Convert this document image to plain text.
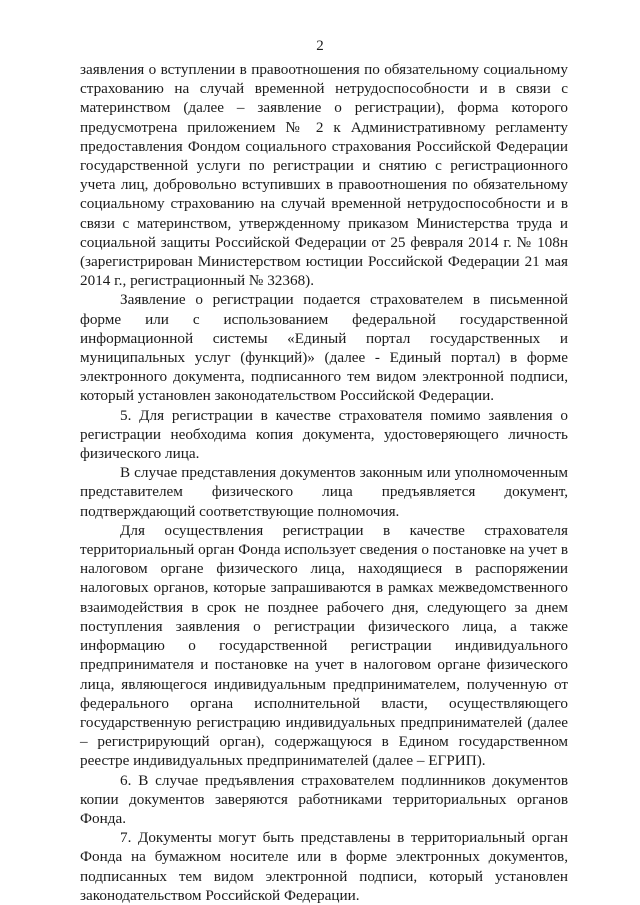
2

заявления о вступлении в правоотношения по обязательному социальному страхованию на случай временной нетрудоспособности и в связи с материнством (далее – заявление о регистрации), форма которого предусмотрена приложением № 2 к Административному регламенту предоставления Фондом социального страхования Российской Федерации государственной услуги по регистрации и снятию с регистрационного учета лиц, добровольно вступивших в правоотношения по обязательному социальному страхованию на случай временной нетрудоспособности и в связи с материнством, утвержденному приказом Министерства труда и социальной защиты Российской Федерации от 25 февраля 2014 г. № 108н (зарегистрирован Министерством юстиции Российской Федерации 21 мая 2014 г., регистрационный № 32368).

Заявление о регистрации подается страхователем в письменной форме или с использованием федеральной государственной информационной системы «Единый портал государственных и муниципальных услуг (функций)» (далее - Единый портал) в форме электронного документа, подписанного тем видом электронной подписи, который установлен законодательством Российской Федерации.

5. Для регистрации в качестве страхователя помимо заявления о регистрации необходима копия документа, удостоверяющего личность физического лица.

В случае представления документов законным или уполномоченным представителем физического лица предъявляется документ, подтверждающий соответствующие полномочия.

Для осуществления регистрации в качестве страхователя территориальный орган Фонда использует сведения о постановке на учет в налоговом органе физического лица, находящиеся в распоряжении налоговых органов, которые запрашиваются в рамках межведомственного взаимодействия в срок не позднее рабочего дня, следующего за днем поступления заявления о регистрации физического лица, а также информацию о государственной регистрации индивидуального предпринимателя и постановке на учет в налоговом органе физического лица, являющегося индивидуальным предпринимателем, полученную от федерального органа исполнительной власти, осуществляющего государственную регистрацию индивидуальных предпринимателей (далее – регистрирующий орган), содержащуюся в Едином государственном реестре индивидуальных предпринимателей (далее – ЕГРИП).

6. В случае предъявления страхователем подлинников документов копии документов заверяются работниками территориальных органов Фонда.

7. Документы могут быть представлены в территориальный орган Фонда на бумажном носителе или в форме электронных документов, подписанных тем видом электронной подписи, который установлен законодательством Российской Федерации.
